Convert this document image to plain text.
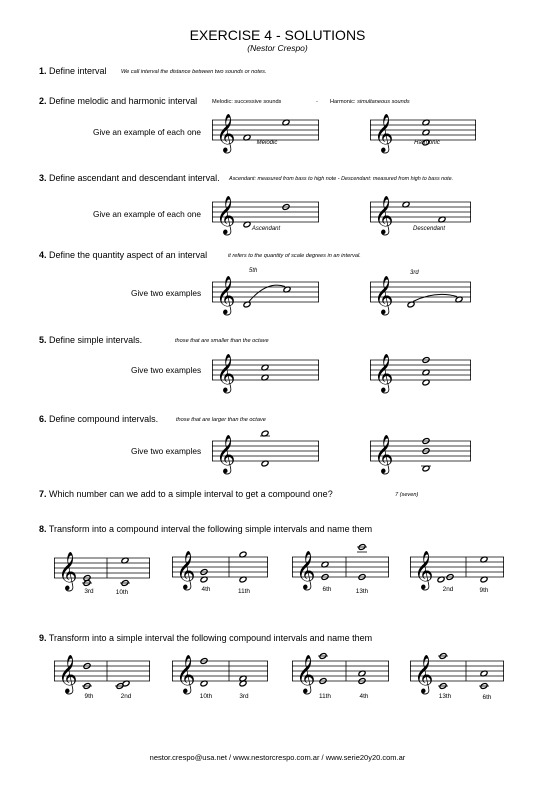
EXERCISE 4 - SOLUTIONS
(Nestor Crespo)
1. Define interval	We call interval the distance between two sounds or notes.
2. Define melodic and harmonic interval	Melodic: successive sounds	- Harmonic: simultaneous sounds
Give an example of each one
Melodic	Harmonic
3. Define ascendant and descendant interval. Ascendant: measured from bass to high note - Descendant: measured from high to bass note.
Give an example of each one
Ascendant	Descendant
4. Define the quantity aspect of an interval	it refers to the quantity of scale degrees in an interval.
Give two examples
5th	3rd
5. Define simple intervals.	those that are smaller than the octave
Give two examples
6. Define compound intervals.	those that are larger than the octave
Give two examples
7. Which number can we add to a simple interval to get a compound one?	7 (seven)
8. Transform into a compound interval the following simple intervals and name them
3rd	10th	4th	11th	6th	13th	2nd	9th
9. Transform into a simple interval the following compound intervals and name them
9th	2nd	10th	3rd	11th	4th	13th	6th
nestor.crespo@usa.net / www.nestorcrespo.com.ar / www.serie20y20.com.ar
𝄞	𝄞
𝄞	𝄞
𝄞	𝄞
𝄞	𝄞
𝄞	𝄞
𝄞	𝄞	𝄞	𝄞
𝄞	𝄞	𝄞	𝄞
